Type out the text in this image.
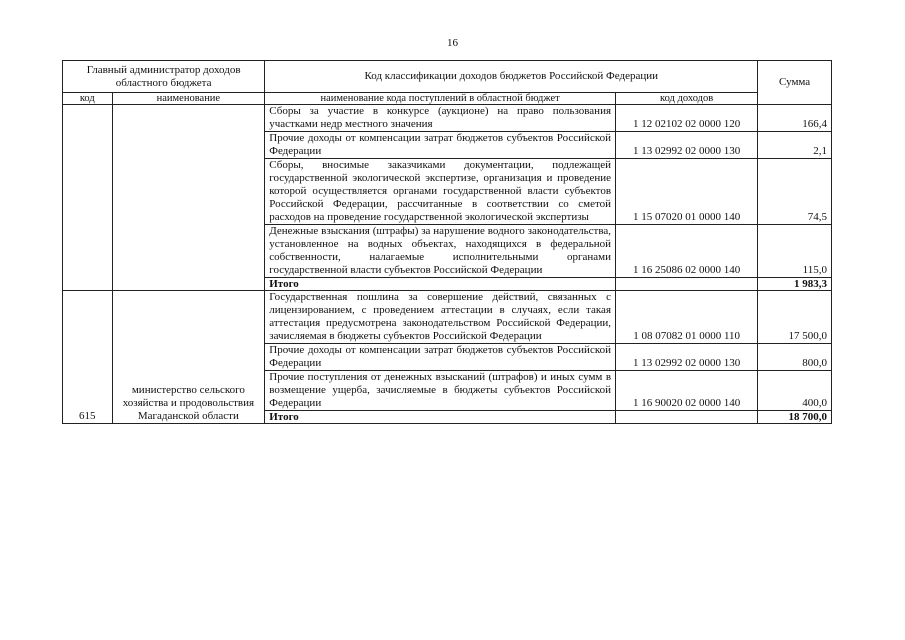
16
Главный администратор доходов областного бюджета		Код классификации доходов бюджетов Российской Федерации		Сумма
код	наименование	наименование кода поступлений в областной бюджет	код доходов	
		Сборы за участие в конкурсе (аукционе) на право пользования участками недр местного значения	1 12 02102 02 0000 120	166,4
		Прочие доходы от компенсации затрат бюджетов субъектов Российской Федерации	1 13 02992 02 0000 130	2,1
		Сборы, вносимые заказчиками документации, подлежащей государственной экологической экспертизе, организация и проведение которой осуществляется органами государственной власти субъектов Российской Федерации, рассчитанные в соответствии со сметой расходов на проведение государственной экологической экспертизы	1 15 07020 01 0000 140	74,5
		Денежные взыскания (штрафы) за нарушение водного законодательства, установленное на водных объектах, находящихся в федеральной собственности, налагаемые исполнительными органами государственной власти субъектов Российской Федерации	1 16 25086 02 0000 140	115,0
		Итого		1 983,3
615	министерство сельского хозяйства и продовольствия Магаданской области	Государственная пошлина за совершение действий, связанных с лицензированием, с проведением аттестации в случаях, если такая аттестация предусмотрена законодательством Российской Федерации, зачисляемая в бюджеты субъектов Российской Федерации	1 08 07082 01 0000 110	17 500,0
		Прочие доходы от компенсации затрат бюджетов субъектов Российской Федерации	1 13 02992 02 0000 130	800,0
		Прочие поступления от денежных взысканий (штрафов) и иных сумм в возмещение ущерба, зачисляемые в бюджеты субъектов Российской Федерации	1 16 90020 02 0000 140	400,0
		Итого		18 700,0
